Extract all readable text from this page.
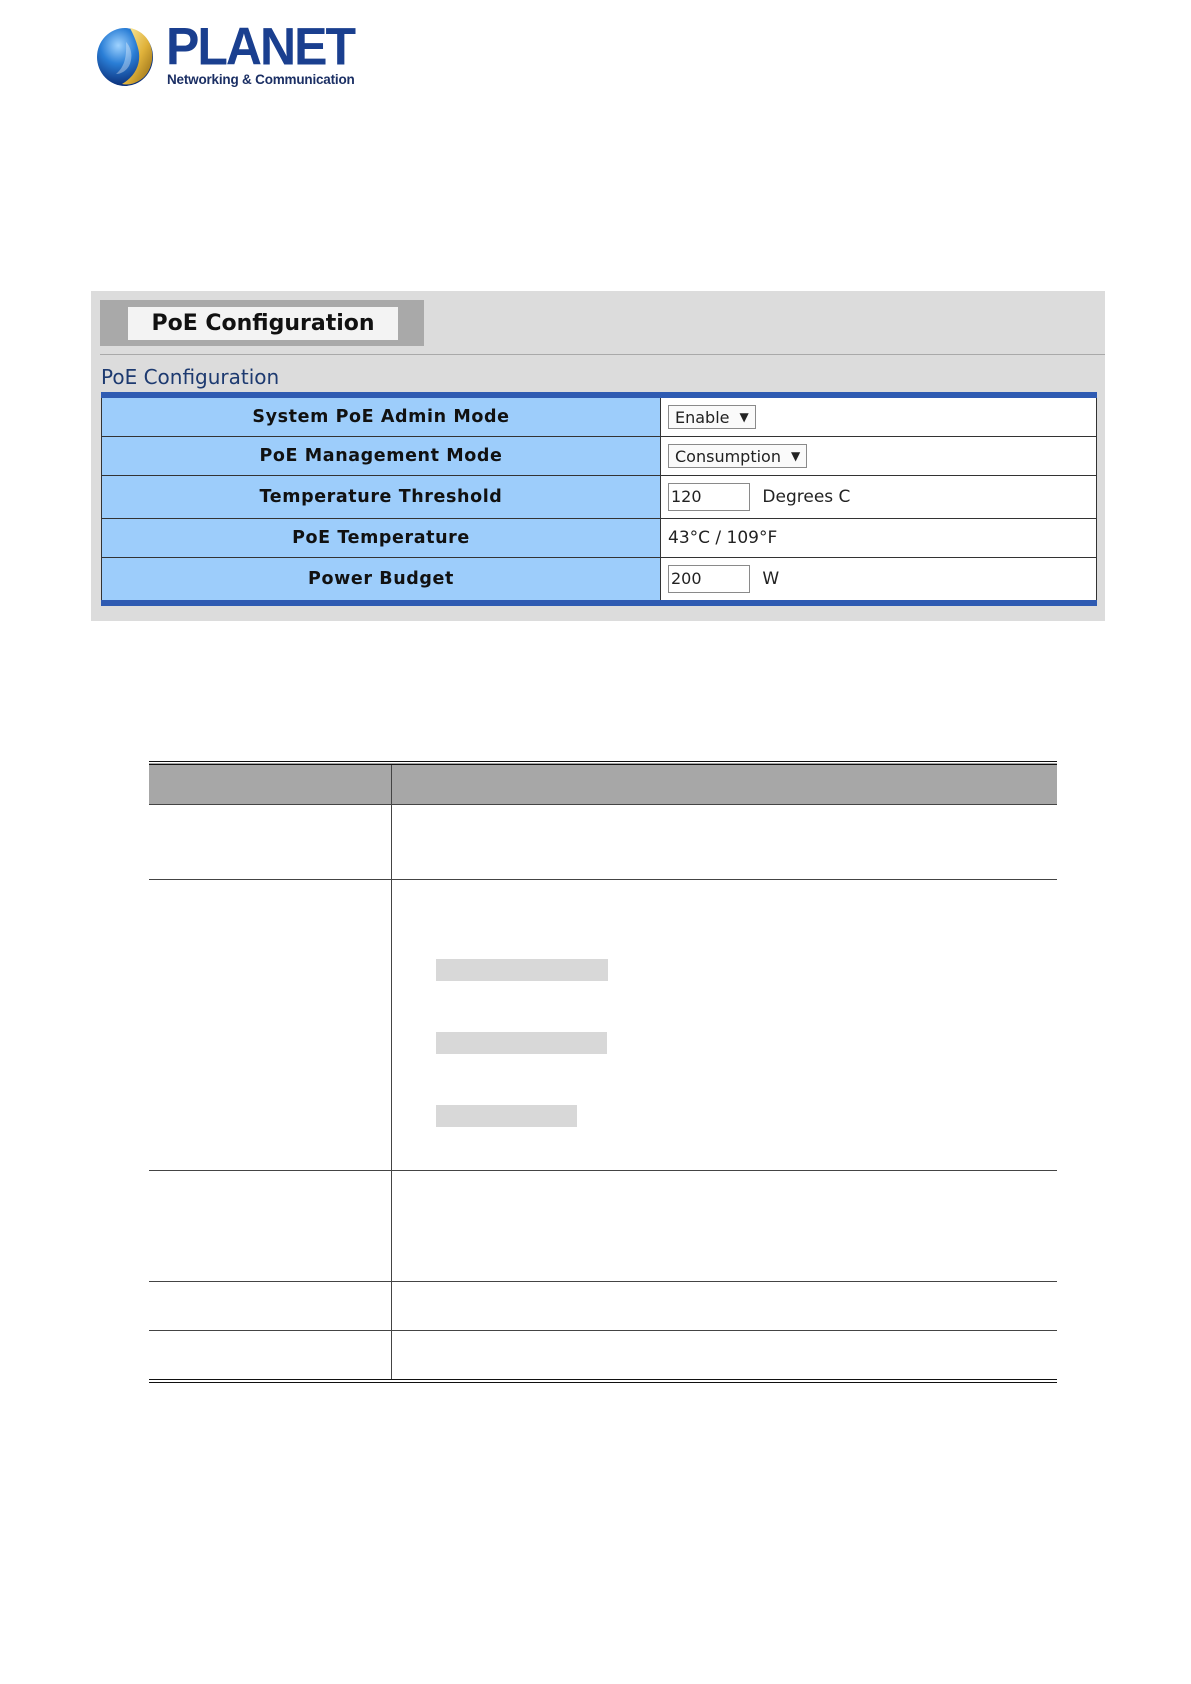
PLANET
Networking & Communication
PoE Configuration
PoE Configuration
System PoE Admin Mode	Enable ▼

PoE Management Mode	Consumption ▼

Temperature Threshold	120 Degrees C
PoE Temperature	43°C / 109°F
Power Budget	200 W
